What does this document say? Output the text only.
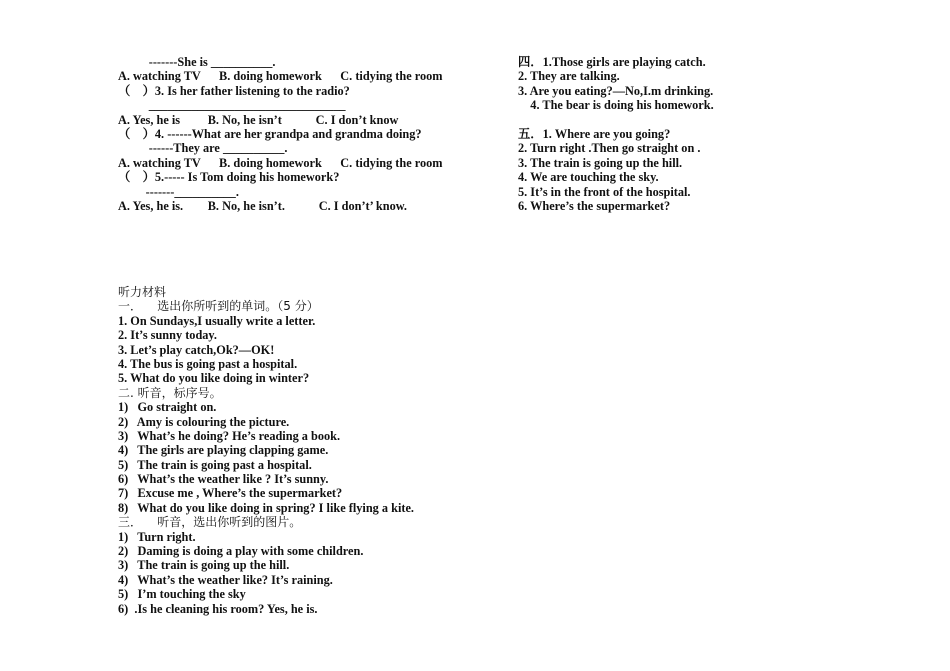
-------She is __________.
A. watching TV      B. doing homework      C. tidying the room
（    ）3. Is her father listening to the radio?
________________________________
A. Yes, he is         B. No, he isn’t           C. I don’t know
（    ）4. ------What are her grandpa and grandma doing?
------They are __________.
A. watching TV      B. doing homework      C. tidying the room
（    ）5.----- Is Tom doing his homework?
-------__________.
A. Yes, he is.        B. No, he isn’t.           C. I don’t’ know.
四．1.Those girls are playing catch.
2. They are talking.
3. Are you eating?—No,I.m drinking.
4. The bear is doing his homework.
五．1. Where are you going?
2. Turn right .Then go straight on .
3. The train is going up the hill.
4. We are touching the sky.
5. It’s in the front of the hospital.
6. Where’s the supermarket?
听力材料
一．    选出你所听到的单词。（5 分）
1. On Sundays,I usually write a letter.
2. It’s sunny today.
3. Let’s play catch,Ok?—OK!
4. The bus is going past a hospital.
5. What do you like doing in winter?
二. 听音，标序号。
1)   Go straight on.
2)   Amy is colouring the picture.
3)   What’s he doing? He’s reading a book.
4)   The girls are playing clapping game.
5)   The train is going past a hospital.
6)   What’s the weather like ? It’s sunny.
7)   Excuse me , Where’s the supermarket?
8)   What do you like doing in spring? I like flying a kite.
三．    听音，选出你听到的图片。
1)   Turn right.
2)   Daming is doing a play with some children.
3)   The train is going up the hill.
4)   What’s the weather like? It’s raining.
5)   I’m touching the sky
6)  .Is he cleaning his room? Yes, he is.
